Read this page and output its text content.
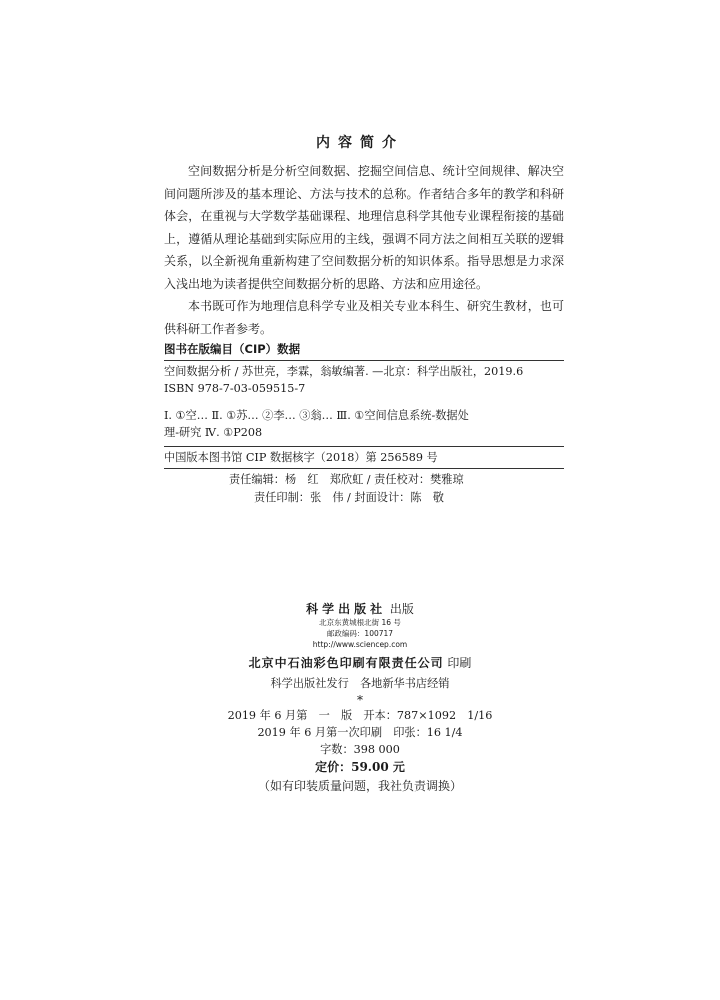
内容简介

空间数据分析是分析空间数据、挖掘空间信息、统计空间规律、解决空间问题所涉及的基本理论、方法与技术的总称。作者结合多年的教学和科研体会，在重视与大学数学基础课程、地理信息科学其他专业课程衔接的基础上，遵循从理论基础到实际应用的主线，强调不同方法之间相互关联的逻辑关系，以全新视角重新构建了空间数据分析的知识体系。指导思想是力求深入浅出地为读者提供空间数据分析的思路、方法和应用途径。

本书既可作为地理信息科学专业及相关专业本科生、研究生教材，也可供科研工作者参考。

图书在版编目（CIP）数据
空间数据分析 / 苏世亮，李霖，翁敏编著. —北京：科学出版社，2019.6
ISBN 978-7-03-059515-7
Ⅰ. ①空… Ⅱ. ①苏… ②李… ③翁… Ⅲ. ①空间信息系统-数据处
理-研究 Ⅳ. ①P208
中国版本图书馆 CIP 数据核字（2018）第 256589 号
责任编辑：杨　红　郑欣虹 / 责任校对：樊雅琼
责任印制：张　伟 / 封面设计：陈　敬
科学出版社 出版
北京东黄城根北街 16 号
邮政编码：100717
http://www.sciencep.com
北京中石油彩色印刷有限责任公司 印刷
科学出版社发行　各地新华书店经销
*
2019 年 6 月第　一　版　开本：787×1092　1/16
2019 年 6 月第一次印刷　印张：16 1/4
字数：398 000
定价：59.00 元
（如有印装质量问题，我社负责调换）
